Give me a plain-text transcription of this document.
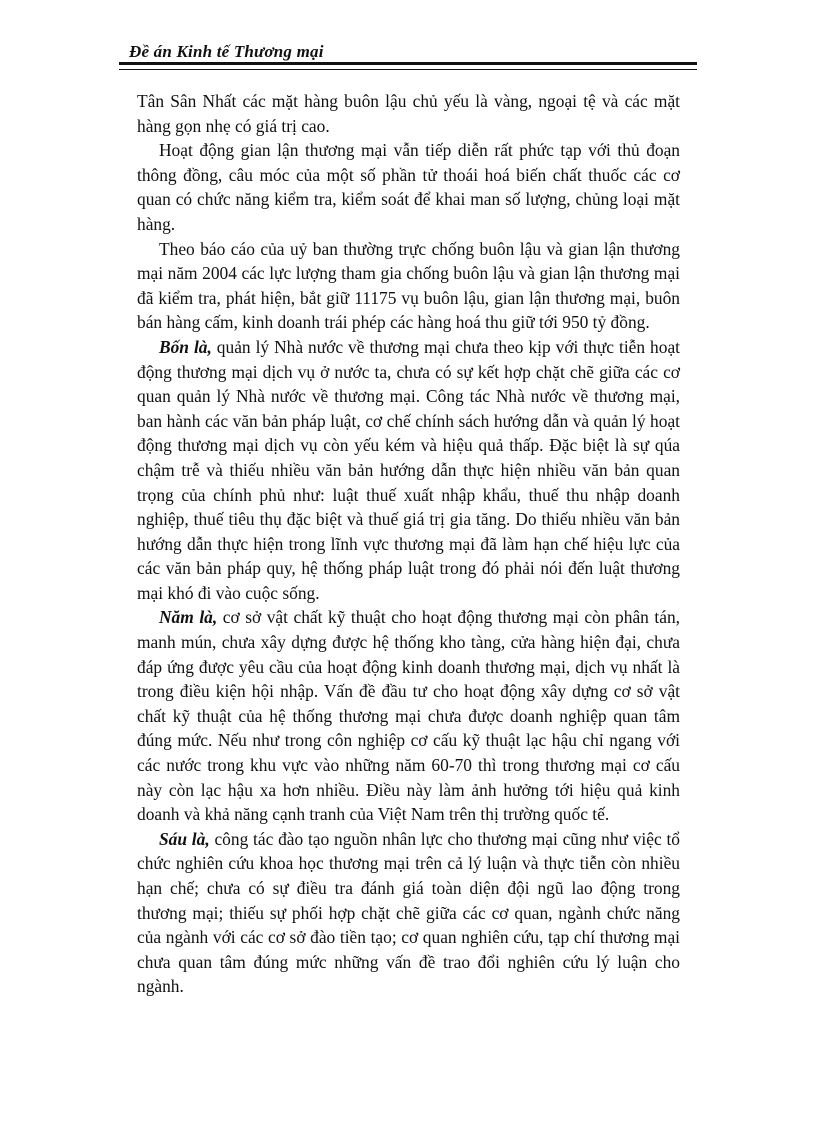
Đề án Kinh tế Thương mại

Tân Sân Nhất các mặt hàng buôn lậu chủ yếu là vàng, ngoại tệ và các mặt hàng gọn nhẹ có giá trị cao.

Hoạt động gian lận thương mại vẫn tiếp diễn rất phức tạp với thủ đoạn thông đồng, câu móc của một số phần tử thoái hoá biến chất thuốc các cơ quan có chức năng kiểm tra, kiểm soát để khai man số lượng, chủng loại mặt hàng.

Theo báo cáo của uỷ ban thường trực chống buôn lậu và gian lận thương mại năm 2004 các lực lượng tham gia chống buôn lậu và gian lận thương mại đã kiểm tra, phát hiện, bắt giữ 11175 vụ buôn lậu, gian lận thương mại, buôn bán hàng cấm, kinh doanh trái phép các hàng hoá thu giữ tới 950 tỷ đồng.

Bốn là, quản lý Nhà nước về thương mại chưa theo kịp với thực tiễn hoạt động thương mại dịch vụ ở nước ta, chưa có sự kết hợp chặt chẽ giữa các cơ quan quản lý Nhà nước về thương mại. Công tác Nhà nước về thương mại, ban hành các văn bản pháp luật, cơ chế chính sách hướng dẫn và quản lý hoạt động thương mại dịch vụ còn yếu kém và hiệu quả thấp. Đặc biệt là sự qúa chậm trễ và thiếu nhiều văn bản hướng dẫn thực hiện nhiều văn bản quan trọng của chính phủ như: luật thuế xuất nhập khẩu, thuế thu nhập doanh nghiệp, thuế tiêu thụ đặc biệt và thuế giá trị gia tăng. Do thiếu nhiều văn bản hướng dẫn thực hiện trong lĩnh vực thương mại đã làm hạn chế hiệu lực của các văn bản pháp quy, hệ thống pháp luật trong đó phải nói đến luật thương mại khó đi vào cuộc sống.

Năm là, cơ sở vật chất kỹ thuật cho hoạt động thương mại còn phân tán, manh mún, chưa xây dựng được hệ thống kho tàng, cửa hàng hiện đại, chưa đáp ứng được yêu cầu của hoạt động kinh doanh thương mại, dịch vụ nhất là trong điều kiện hội nhập. Vấn đề đầu tư cho hoạt động xây dựng cơ sở vật chất kỹ thuật của hệ thống thương mại chưa được doanh nghiệp quan tâm đúng mức. Nếu như trong côn nghiệp cơ cấu kỹ thuật lạc hậu chỉ ngang với các nước trong khu vực vào những năm 60-70 thì trong thương mại cơ cấu này còn lạc hậu xa hơn nhiều. Điều này làm ảnh hưởng tới hiệu quả kinh doanh và khả năng cạnh tranh của Việt Nam trên thị trường quốc tế.

Sáu là, công tác đào tạo nguồn nhân lực cho thương mại cũng như việc tổ chức nghiên cứu khoa học thương mại trên cả lý luận và thực tiễn còn nhiều hạn chế; chưa có sự điều tra đánh giá toàn diện đội ngũ lao động trong thương mại; thiếu sự phối hợp chặt chẽ giữa các cơ quan, ngành chức năng của ngành với các cơ sở đào tiền tạo; cơ quan nghiên cứu, tạp chí thương mại chưa quan tâm đúng mức những vấn đề trao đổi nghiên cứu lý luận cho ngành.
